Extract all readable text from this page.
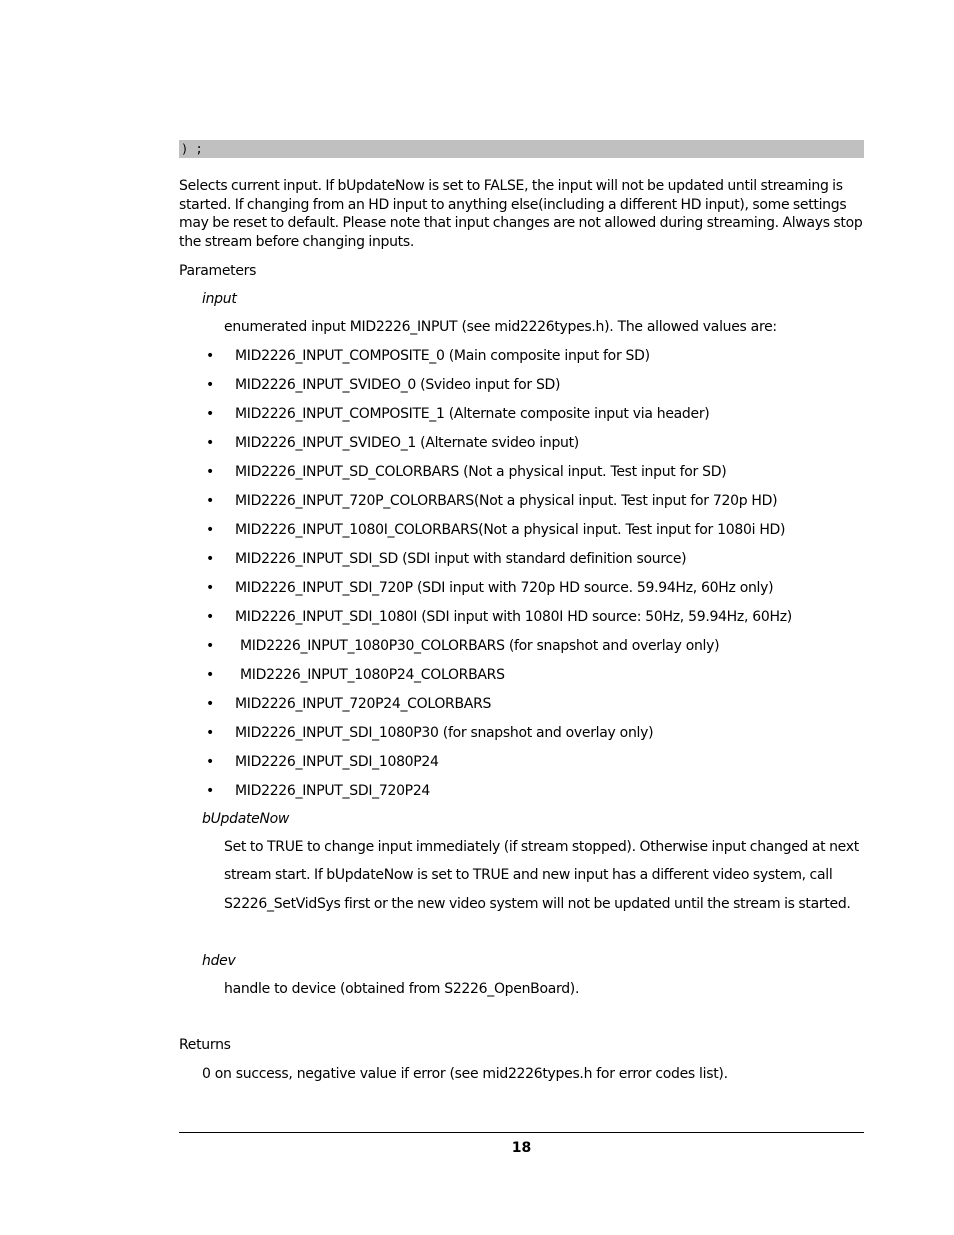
) ;

Selects current input. If bUpdateNow is set to FALSE, the input will not be updated until streaming is started. If changing from an HD input to anything else(including a different HD input), some settings may be reset to default. Please note that input changes are not allowed during streaming. Always stop the stream before changing inputs.

Parameters
input
enumerated input MID2226_INPUT (see mid2226types.h). The allowed values are:
• MID2226_INPUT_COMPOSITE_0 (Main composite input for SD)
• MID2226_INPUT_SVIDEO_0 (Svideo input for SD)
• MID2226_INPUT_COMPOSITE_1 (Alternate composite input via header)
• MID2226_INPUT_SVIDEO_1 (Alternate svideo input)
• MID2226_INPUT_SD_COLORBARS (Not a physical input. Test input for SD)
• MID2226_INPUT_720P_COLORBARS(Not a physical input. Test input for 720p HD)
• MID2226_INPUT_1080I_COLORBARS(Not a physical input. Test input for 1080i HD)
• MID2226_INPUT_SDI_SD (SDI input with standard definition source)
• MID2226_INPUT_SDI_720P (SDI input with 720p HD source. 59.94Hz, 60Hz only)
• MID2226_INPUT_SDI_1080I (SDI input with 1080I HD source: 50Hz, 59.94Hz, 60Hz)
• MID2226_INPUT_1080P30_COLORBARS (for snapshot and overlay only)
• MID2226_INPUT_1080P24_COLORBARS
• MID2226_INPUT_720P24_COLORBARS
• MID2226_INPUT_SDI_1080P30 (for snapshot and overlay only)
• MID2226_INPUT_SDI_1080P24
• MID2226_INPUT_SDI_720P24
bUpdateNow

Set to TRUE to change input immediately (if stream stopped). Otherwise input changed at next stream start. If bUpdateNow is set to TRUE and new input has a different video system, call S2226_SetVidSys first or the new video system will not be updated until the stream is started.

hdev
handle to device (obtained from S2226_OpenBoard).
Returns
0 on success, negative value if error (see mid2226types.h for error codes list).
18
